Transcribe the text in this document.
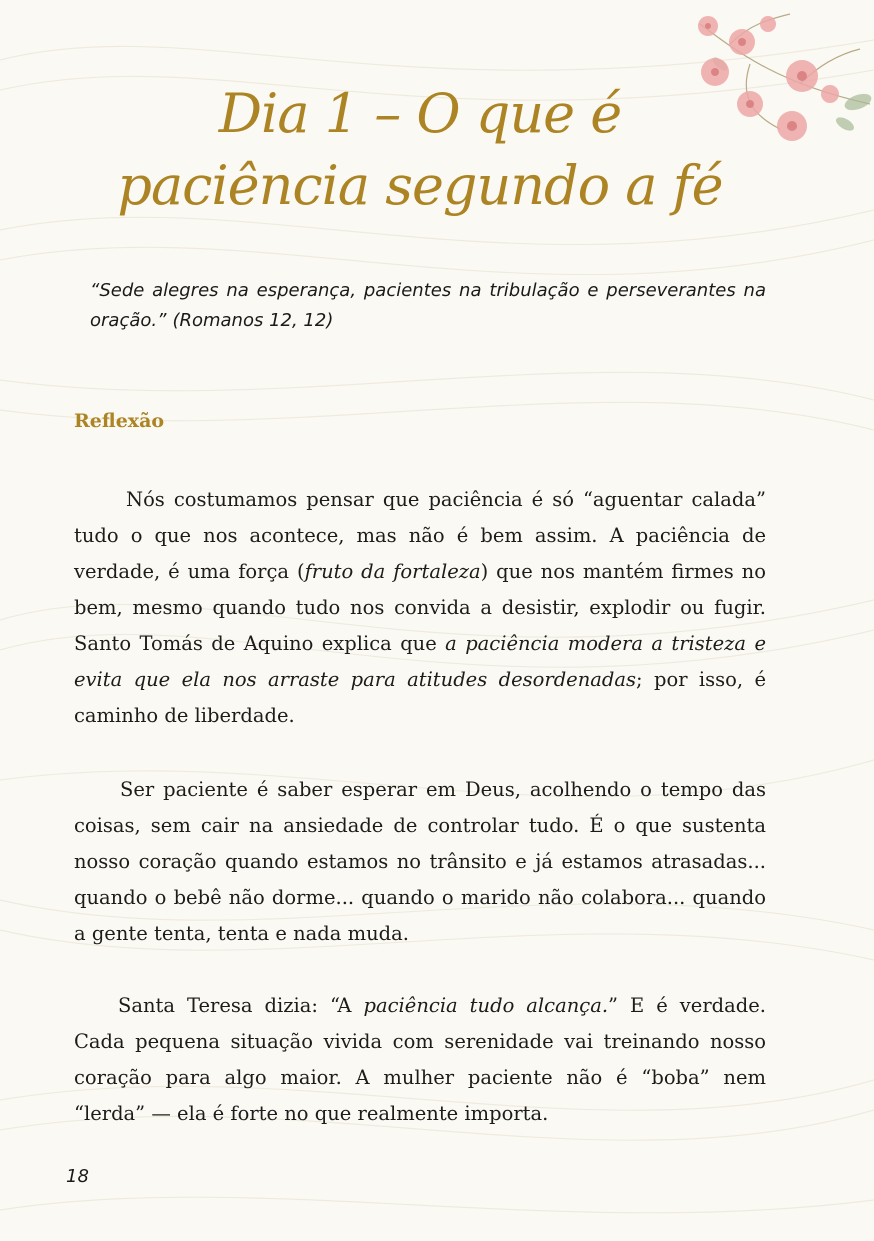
Dia 1 – O que é
paciência segundo a fé

“Sede alegres na esperança, pacientes na tribulação e perseverantes na oração.” (Romanos 12, 12)

Reflexão

Nós costumamos pensar que paciência é só “aguentar calada” tudo o que nos acontece, mas não é bem assim. A paciência de verdade, é uma força (fruto da fortaleza) que nos mantém firmes no bem, mesmo quando tudo nos convida a desistir, explodir ou fugir. Santo Tomás de Aquino explica que a paciência modera a tristeza e evita que ela nos arraste para atitudes desordenadas; por isso, é caminho de liberdade.

Ser paciente é saber esperar em Deus, acolhendo o tempo das coisas, sem cair na ansiedade de controlar tudo. É o que sustenta nosso coração quando estamos no trânsito e já estamos atrasadas... quando o bebê não dorme... quando o marido não colabora... quando a gente tenta, tenta e nada muda.

Santa Teresa dizia: “A paciência tudo alcança.” E é verdade. Cada pequena situação vivida com serenidade vai treinando nosso coração para algo maior. A mulher paciente não é “boba” nem “lerda” — ela é forte no que realmente importa.

18
